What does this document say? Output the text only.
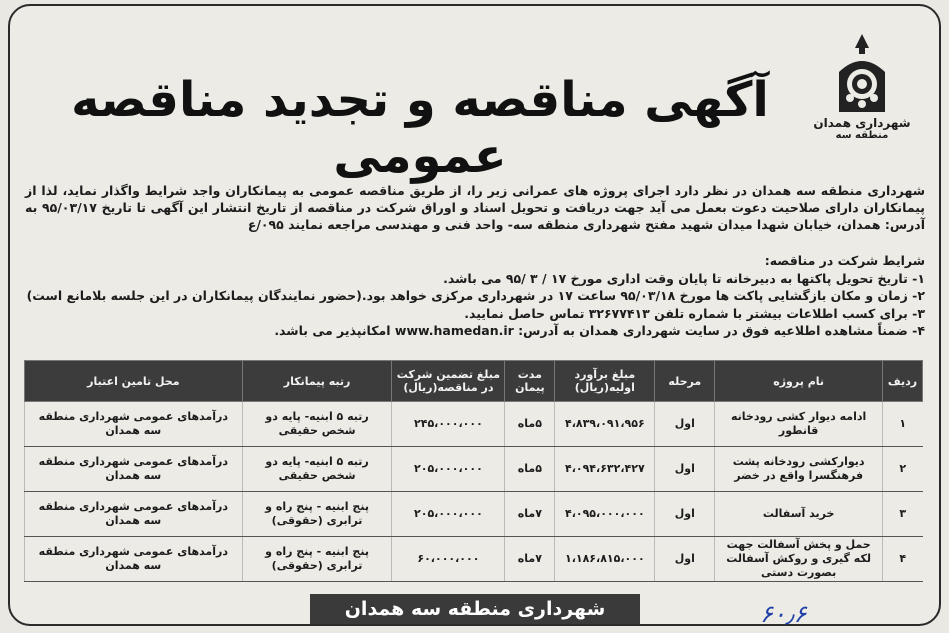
شهرداری همدان
منطقه سه
آگهی مناقصه و تجدید مناقصه عمومی
شهرداری منطقه سه همدان در نظر دارد اجرای پروژه های عمرانی زیر را، از طریق مناقصه عمومی به پیمانکاران واجد شرایط واگذار نماید، لذا از پیمانکاران دارای صلاحیت دعوت بعمل می آید جهت دریافت و تحویل اسناد و اوراق شرکت در مناقصه از تاریخ انتشار این آگهی تا تاریخ ۹۵/۰۳/۱۷ به آدرس: همدان، خیابان شهدا میدان شهید مفتح شهرداری منطقه سه- واحد فنی و مهندسی مراجعه نمایند ۰۹۵/ع
شرایط شرکت در مناقصه:
۱- تاریخ تحویل پاکتها به دبیرخانه تا پایان وقت اداری مورخ ۱۷ / ۳ /۹۵ می باشد.
۲- زمان و مکان بازگشایی پاکت ها مورخ ۹۵/۰۳/۱۸ ساعت ۱۷ در شهرداری مرکزی خواهد بود.(حضور نمایندگان پیمانکاران در این جلسه بلامانع است)
۳- برای کسب اطلاعات بیشتر با شماره تلفن ۳۲۶۷۷۴۱۳ تماس حاصل نمایید.
۴- ضمناً مشاهده اطلاعیه فوق در سایت شهرداری همدان به آدرس: www.hamedan.ir امکانپذیر می باشد.
ردیف	نام پروژه	مرحله	مبلغ برآورد اولیه(ریال)	مدت پیمان	مبلغ تضمین شرکت در مناقصه(ریال)	رتبه پیمانکار	محل تامین اعتبار
۱	ادامه دیوار کشی رودخانه قانطور	اول	۴،۸۳۹،۰۹۱،۹۵۶	۵ماه	۲۴۵،۰۰۰،۰۰۰	رتبه ۵ ابنیه- پایه دو شخص حقیقی	درآمدهای عمومی شهرداری منطقه سه همدان
۲	دیوارکشی رودخانه پشت فرهنگسرا واقع در خضر	اول	۴،۰۹۴،۶۳۲،۴۲۷	۵ماه	۲۰۵،۰۰۰،۰۰۰	رتبه ۵ ابنیه- پایه دو شخص حقیقی	درآمدهای عمومی شهرداری منطقه سه همدان
۳	خرید آسفالت	اول	۴،۰۹۵،۰۰۰،۰۰۰	۷ماه	۲۰۵،۰۰۰،۰۰۰	پنج ابنیه - پنج راه و ترابری (حقوقی)	درآمدهای عمومی شهرداری منطقه سه همدان
۴	حمل و پخش آسفالت جهت لکه گیری و روکش آسفالت بصورت دستی	اول	۱،۱۸۶،۸۱۵،۰۰۰	۷ماه	۶۰،۰۰۰،۰۰۰	پنج ابنیه - پنج راه و ترابری (حقوقی)	درآمدهای عمومی شهرداری منطقه سه همدان
شهرداری منطقه سه همدان	۶۰٫۶
